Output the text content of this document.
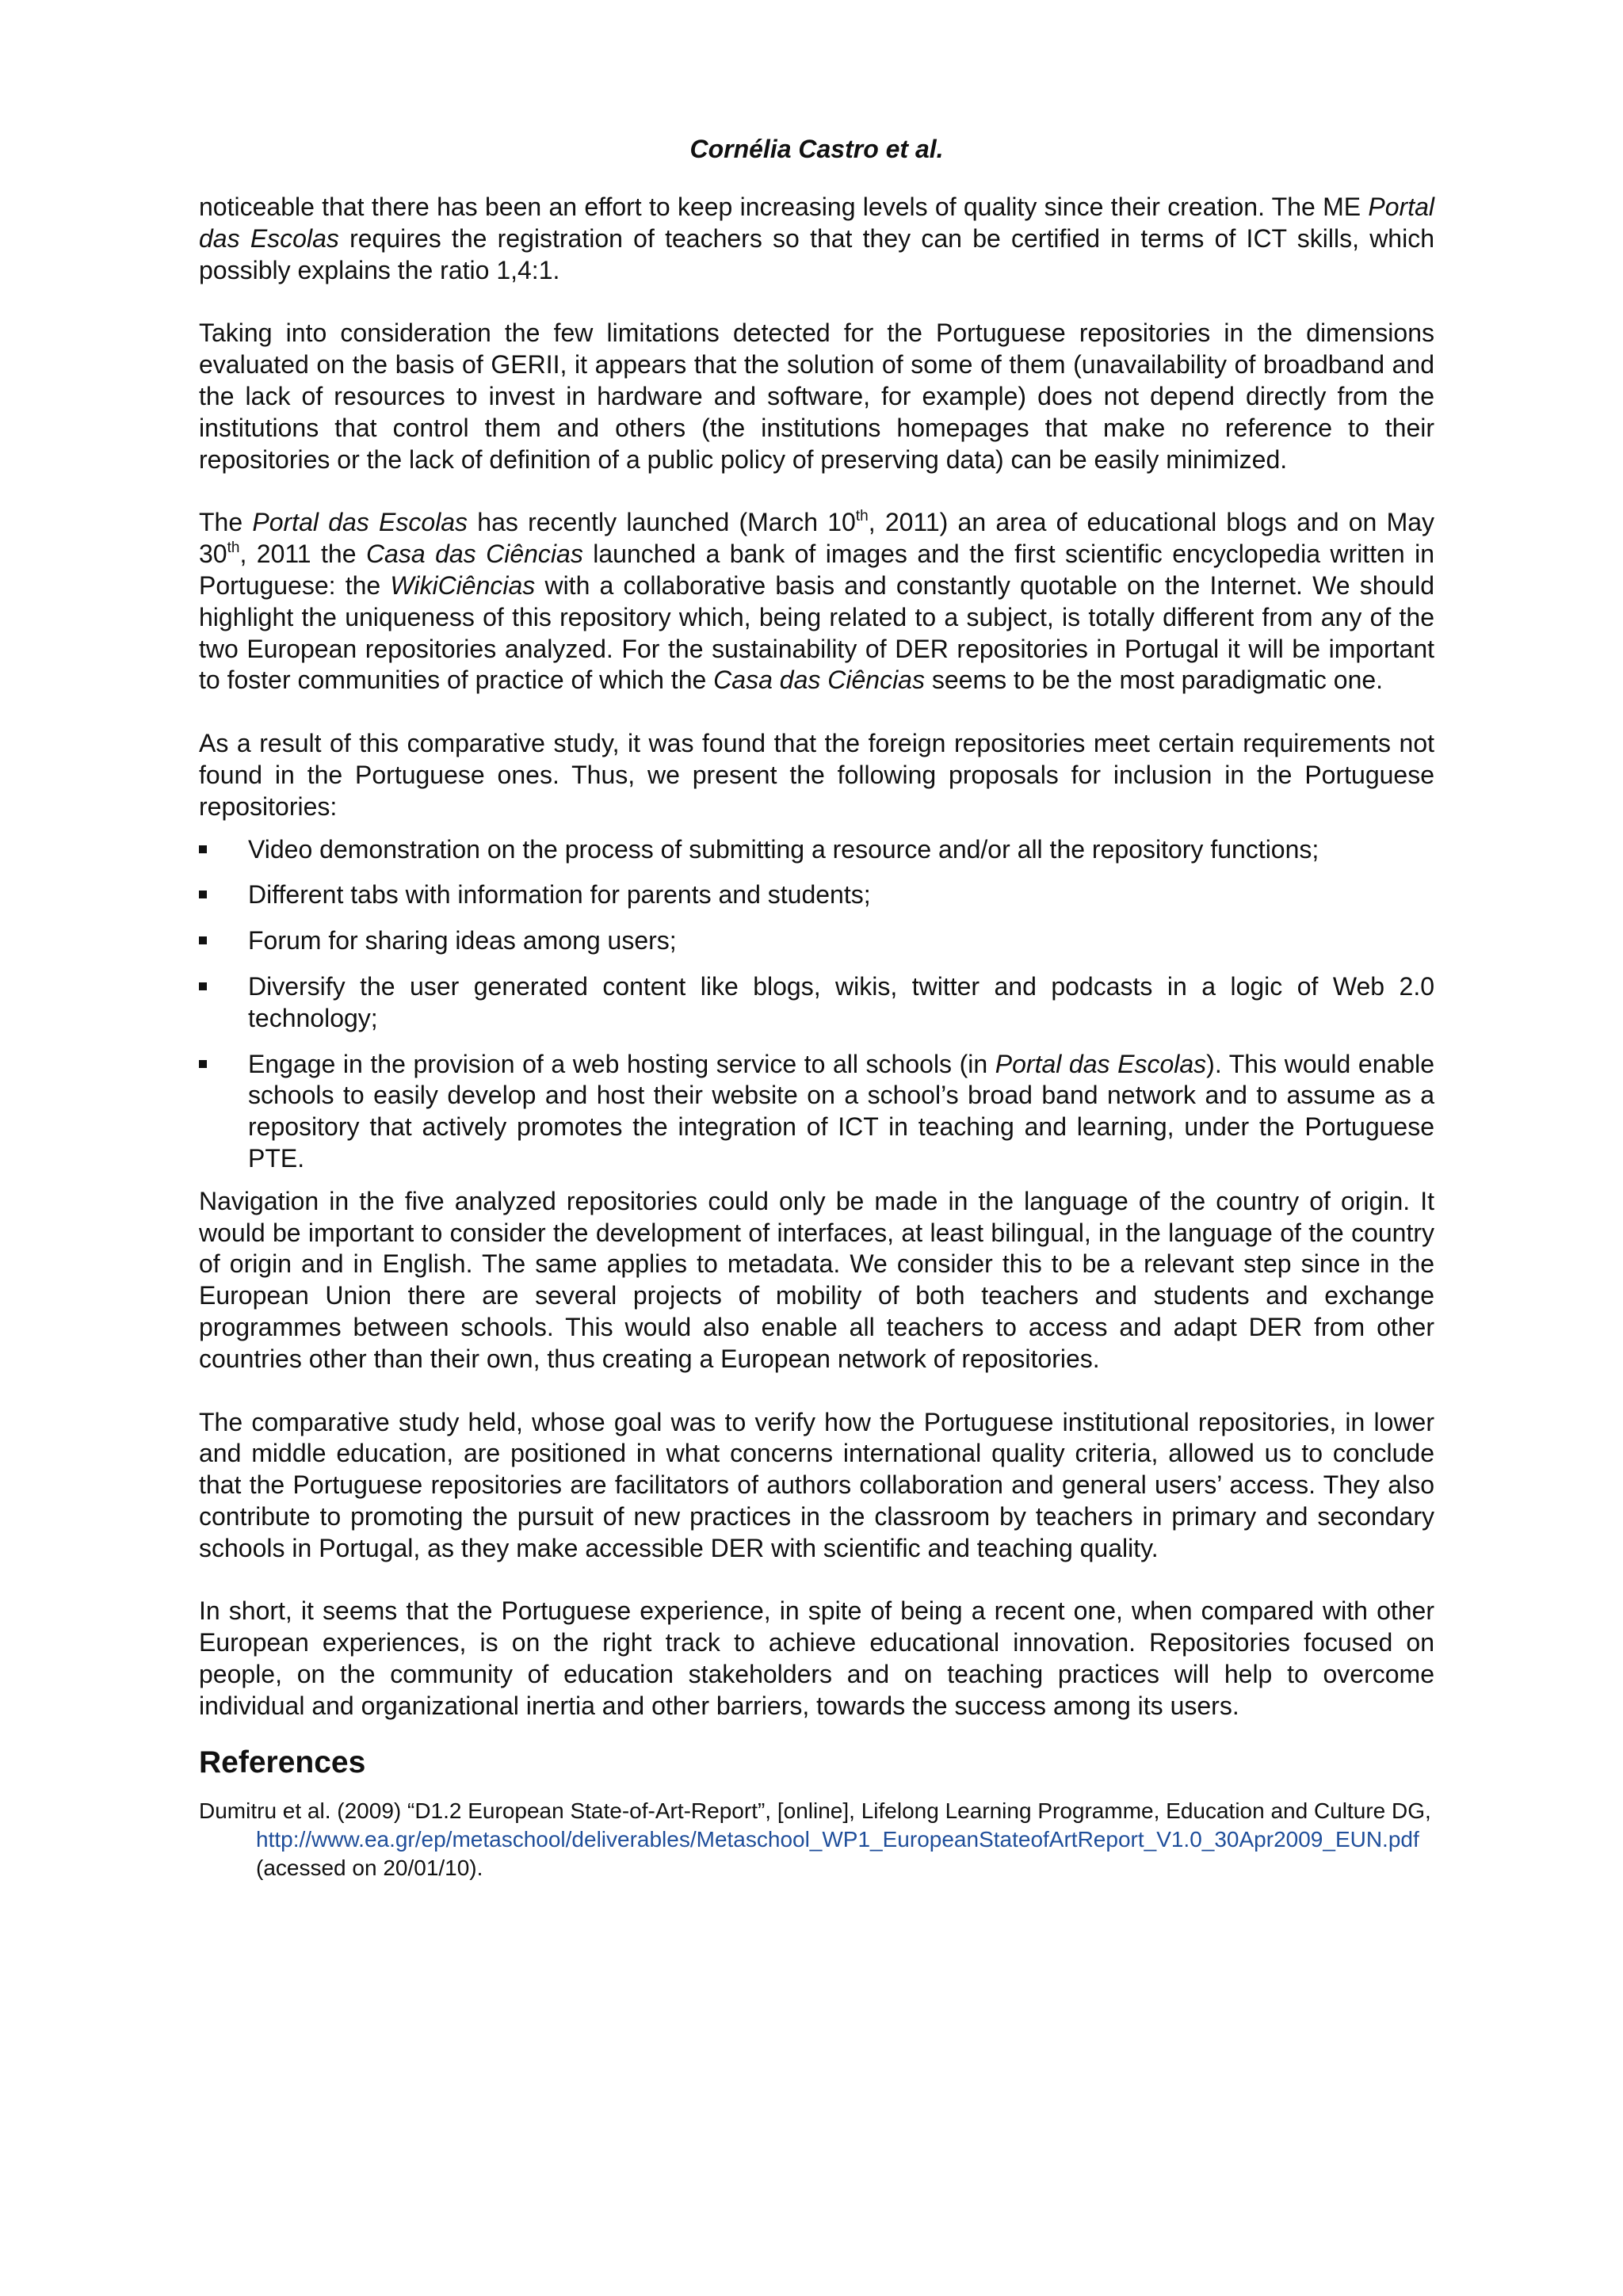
Cornélia Castro et al.

noticeable that there has been an effort to keep increasing levels of quality since their creation. The ME Portal das Escolas requires the registration of teachers so that they can be certified in terms of ICT skills, which possibly explains the ratio 1,4:1.

Taking into consideration the few limitations detected for the Portuguese repositories in the dimensions evaluated on the basis of GERII, it appears that the solution of some of them (unavailability of broadband and the lack of resources to invest in hardware and software, for example) does not depend directly from the institutions that control them and others (the institutions homepages that make no reference to their repositories or the lack of definition of a public policy of preserving data) can be easily minimized.

The Portal das Escolas has recently launched (March 10th, 2011) an area of educational blogs and on May 30th, 2011 the Casa das Ciências launched a bank of images and the first scientific encyclopedia written in Portuguese: the WikiCiências with a collaborative basis and constantly quotable on the Internet. We should highlight the uniqueness of this repository which, being related to a subject, is totally different from any of the two European repositories analyzed. For the sustainability of DER repositories in Portugal it will be important to foster communities of practice of which the Casa das Ciências seems to be the most paradigmatic one.

As a result of this comparative study, it was found that the foreign repositories meet certain requirements not found in the Portuguese ones. Thus, we present the following proposals for inclusion in the Portuguese repositories:

Video demonstration on the process of submitting a resource and/or all the repository functions;
Different tabs with information for parents and students;
Forum for sharing ideas among users;
Diversify the user generated content like blogs, wikis, twitter and podcasts in a logic of Web 2.0 technology;
Engage in the provision of a web hosting service to all schools (in Portal das Escolas). This would enable schools to easily develop and host their website on a school’s broad band network and to assume as a repository that actively promotes the integration of ICT in teaching and learning, under the Portuguese PTE.

Navigation in the five analyzed repositories could only be made in the language of the country of origin. It would be important to consider the development of interfaces, at least bilingual, in the language of the country of origin and in English. The same applies to metadata. We consider this to be a relevant step since in the European Union there are several projects of mobility of both teachers and students and exchange programmes between schools. This would also enable all teachers to access and adapt DER from other countries other than their own, thus creating a European network of repositories.

The comparative study held, whose goal was to verify how the Portuguese institutional repositories, in lower and middle education, are positioned in what concerns international quality criteria, allowed us to conclude that the Portuguese repositories are facilitators of authors collaboration and general users’ access. They also contribute to promoting the pursuit of new practices in the classroom by teachers in primary and secondary schools in Portugal, as they make accessible DER with scientific and teaching quality.

In short, it seems that the Portuguese experience, in spite of being a recent one, when compared with other European experiences, is on the right track to achieve educational innovation. Repositories focused on people, on the community of education stakeholders and on teaching practices will help to overcome individual and organizational inertia and other barriers, towards the success among its users.

References
Dumitru et al. (2009) “D1.2 European State-of-Art-Report”, [online], Lifelong Learning Programme, Education and Culture DG, http://www.ea.gr/ep/metaschool/deliverables/Metaschool_WP1_EuropeanStateofArtReport_V1.0_30Apr2009_EUN.pdf (acessed on 20/01/10).
